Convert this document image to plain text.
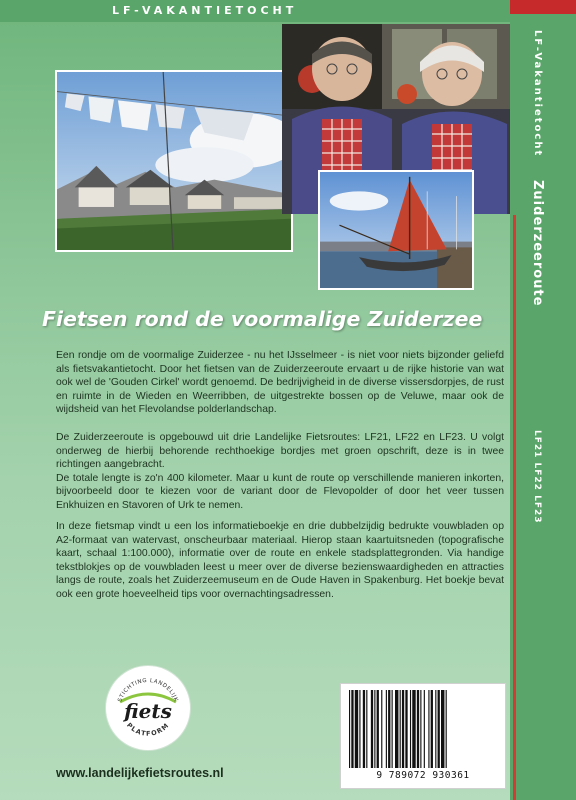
LF-VAKANTIETOCHT
LF-Vakantietocht
Zuiderzeeroute
LF21 LF22 LF23
Fietsen rond de voormalige Zuiderzee

Een rondje om de voormalige Zuiderzee - nu het IJsselmeer - is niet voor niets bijzonder geliefd als fietsvakantietocht. Door het fietsen van de Zuiderzeeroute ervaart u de rijke historie van wat ook wel de 'Gouden Cirkel' wordt genoemd. De bedrijvigheid in de diverse vissersdorpjes, de rust en ruimte in de Wieden en Weerribben, de uitgestrekte bossen op de Veluwe, maar ook de wijdsheid van het Flevolandse polderlandschap.

De Zuiderzeeroute is opgebouwd uit drie Landelijke Fietsroutes: LF21, LF22 en LF23. U volgt onderweg de hierbij behorende rechthoekige bordjes met groen opschrift, deze is in twee richtingen aangebracht.

De totale lengte is zo'n 400 kilometer. Maar u kunt de route op verschillende manieren inkorten, bijvoorbeeld door te kiezen voor de variant door de Flevopolder of door het veer tussen Enkhuizen en Stavoren of Urk te nemen.

In deze fietsmap vindt u een los informatieboekje en drie dubbelzijdig bedrukte vouwbladen op A2-formaat van watervast, onscheurbaar materiaal. Hierop staan kaartuitsneden (topografische kaart, schaal 1:100.000), informatie over de route en enkele stadsplattegronden. Via handige tekstblokjes op de vouwbladen leest u meer over de diverse bezienswaardigheden en attracties langs de route, zoals het Zuiderzeemuseum en de Oude Haven in Spakenburg. Het boekje bevat ook een grote hoeveelheid tips voor overnachtingsadressen.

STICHTING LANDELIJK
fiets
PLATFORM
www.landelijkefietsroutes.nl	9 789072 930361
